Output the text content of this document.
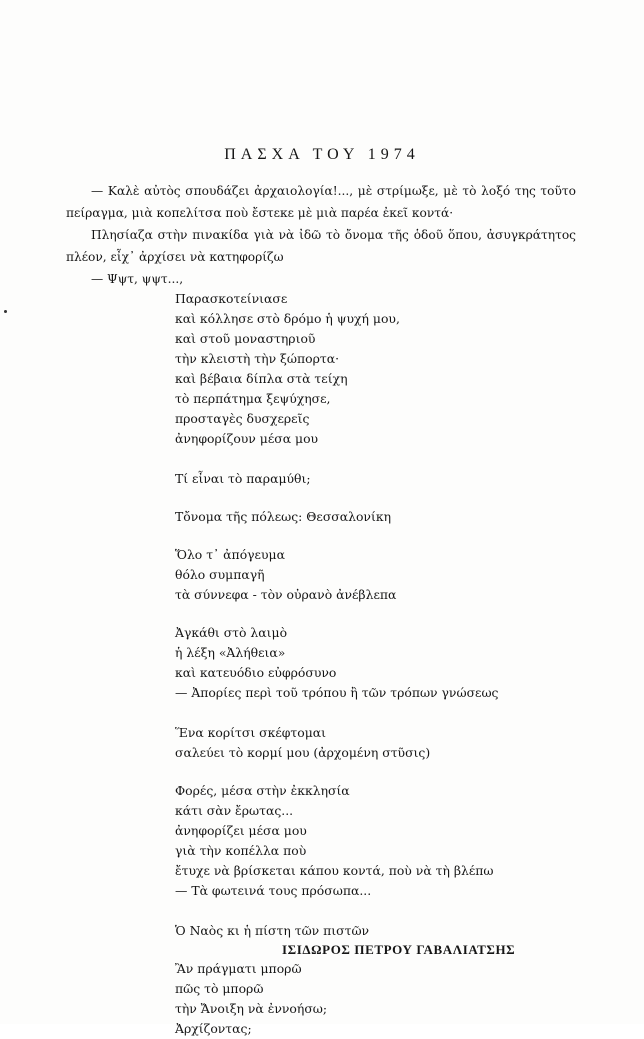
ΠΑΣΧΑ ΤΟΥ 1974

— Καλὲ αὐτὸς σπουδάζει ἀρχαιολογία!..., μὲ στρίμωξε, μὲ τὸ λοξό της τοῦτο πείραγμα, μιὰ κοπελίτσα ποὺ ἔστεκε μὲ μιὰ παρέα ἐκεῖ κοντά·

Πλησίαζα στὴν πινακίδα γιὰ νὰ ἰδῶ τὸ ὄνομα τῆς ὁδοῦ ὅπου, ἀσυγκράτητος πλέον, εἶχ᾽ ἀρχίσει νὰ κατηφορίζω

— Ψψτ, ψψτ...,

Παρασκοτείνιασε
καὶ κόλλησε στὸ δρόμο ἡ ψυχή μου,
καὶ στοῦ μοναστηριοῦ
τὴν κλειστὴ τὴν ξώπορτα·
καὶ βέβαια δίπλα στὰ τείχη
τὸ περπάτημα ξεψύχησε,
προσταγὲς δυσχερεῖς
ἀνηφορίζουν μέσα μου
Τί εἶναι τὸ παραμύθι;
Τὄνομα τῆς πόλεως: Θεσσαλονίκη
Ὅλο τ᾽ ἀπόγευμα
θόλο συμπαγῆ
τὰ σύννεφα - τὸν οὐρανὸ ἀνέβλεπα
Ἀγκάθι στὸ λαιμὸ
ἡ λέξη «Ἀλήθεια»
καὶ κατευόδιο εὐφρόσυνο
— Ἀπορίες περὶ τοῦ τρόπου ἢ τῶν τρόπων γνώσεως
Ἕνα κορίτσι σκέφτομαι
σαλεύει τὸ κορμί μου (ἀρχομένη στῦσις)
Φορές, μέσα στὴν ἐκκλησία
κάτι σὰν ἔρωτας...
ἀνηφορίζει μέσα μου
γιὰ τὴν κοπέλλα ποὺ
ἔτυχε νὰ βρίσκεται κάπου κοντά, ποὺ νὰ τὴ βλέπω
— Τὰ φωτεινά τους πρόσωπα...
Ὁ Ναὸς κι ἡ πίστη τῶν πιστῶν
Ἂν πράγματι μπορῶ
πῶς τὸ μπορῶ
τὴν Ἄνοιξη νὰ ἐννοήσω;
Ἀρχίζοντας;
ΙΣΙΔΩΡΟΣ ΠΕΤΡΟΥ ΓΑΒΑΛΙΑΤΣΗΣ
